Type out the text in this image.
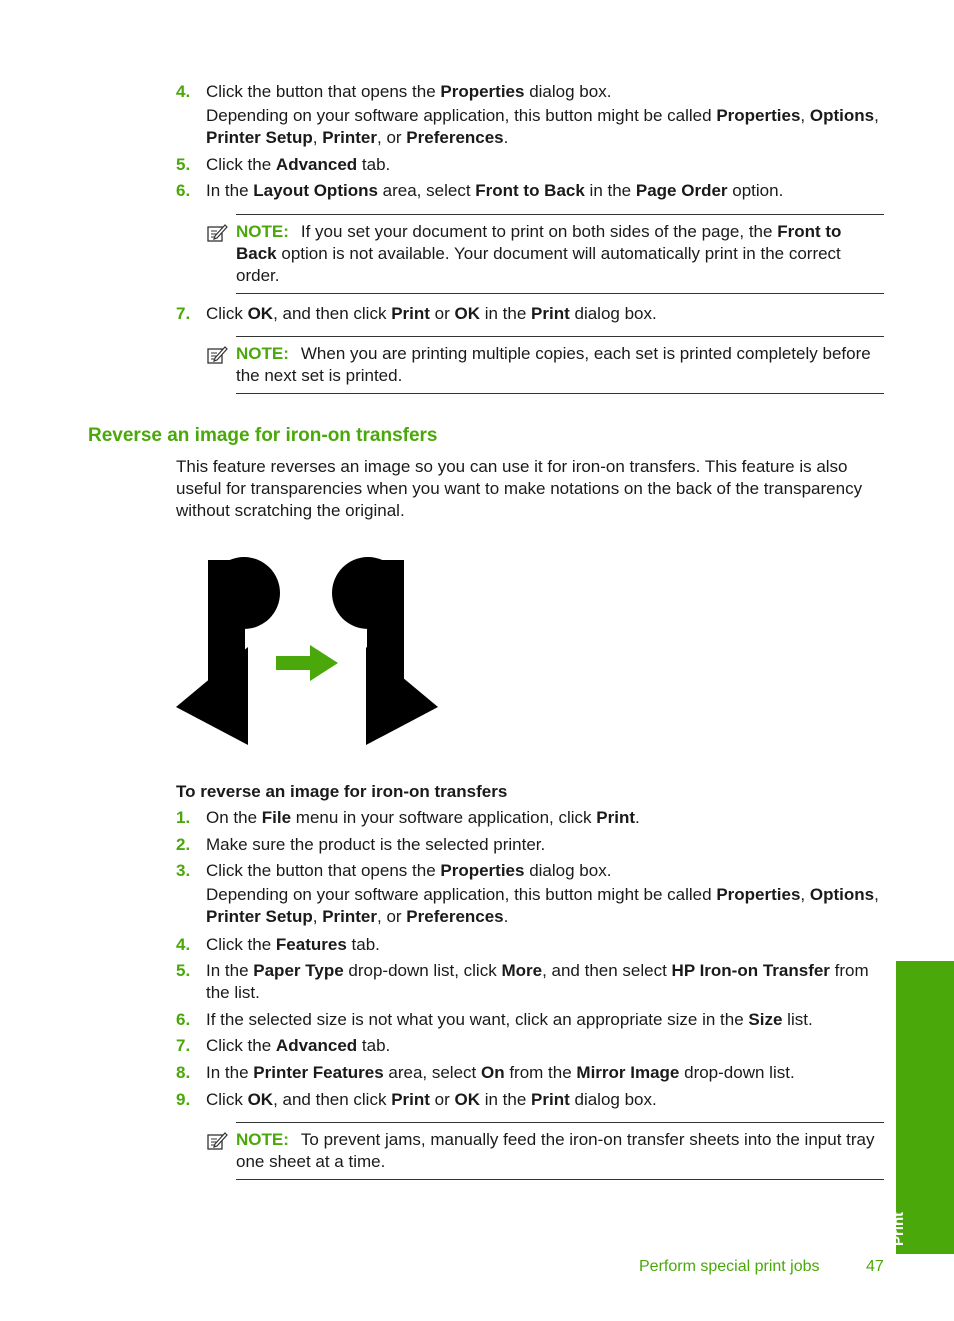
4. Click the button that opens the Properties dialog box.
Depending on your software application, this button might be called Properties, Options, Printer Setup, Printer, or Preferences.
5. Click the Advanced tab.
6. In the Layout Options area, select Front to Back in the Page Order option.
NOTE: If you set your document to print on both sides of the page, the Front to Back option is not available. Your document will automatically print in the correct order.
7. Click OK, and then click Print or OK in the Print dialog box.
NOTE: When you are printing multiple copies, each set is printed completely before the next set is printed.
Reverse an image for iron-on transfers
This feature reverses an image so you can use it for iron-on transfers. This feature is also useful for transparencies when you want to make notations on the back of the transparency without scratching the original.
To reverse an image for iron-on transfers
1. On the File menu in your software application, click Print.
2. Make sure the product is the selected printer.
3. Click the button that opens the Properties dialog box.
Depending on your software application, this button might be called Properties, Options, Printer Setup, Printer, or Preferences.
4. Click the Features tab.
5. In the Paper Type drop-down list, click More, and then select HP Iron-on Transfer from the list.
6. If the selected size is not what you want, click an appropriate size in the Size list.
7. Click the Advanced tab.
8. In the Printer Features area, select On from the Mirror Image drop-down list.
9. Click OK, and then click Print or OK in the Print dialog box.
NOTE: To prevent jams, manually feed the iron-on transfer sheets into the input tray one sheet at a time.
Print
Perform special print jobs	47
